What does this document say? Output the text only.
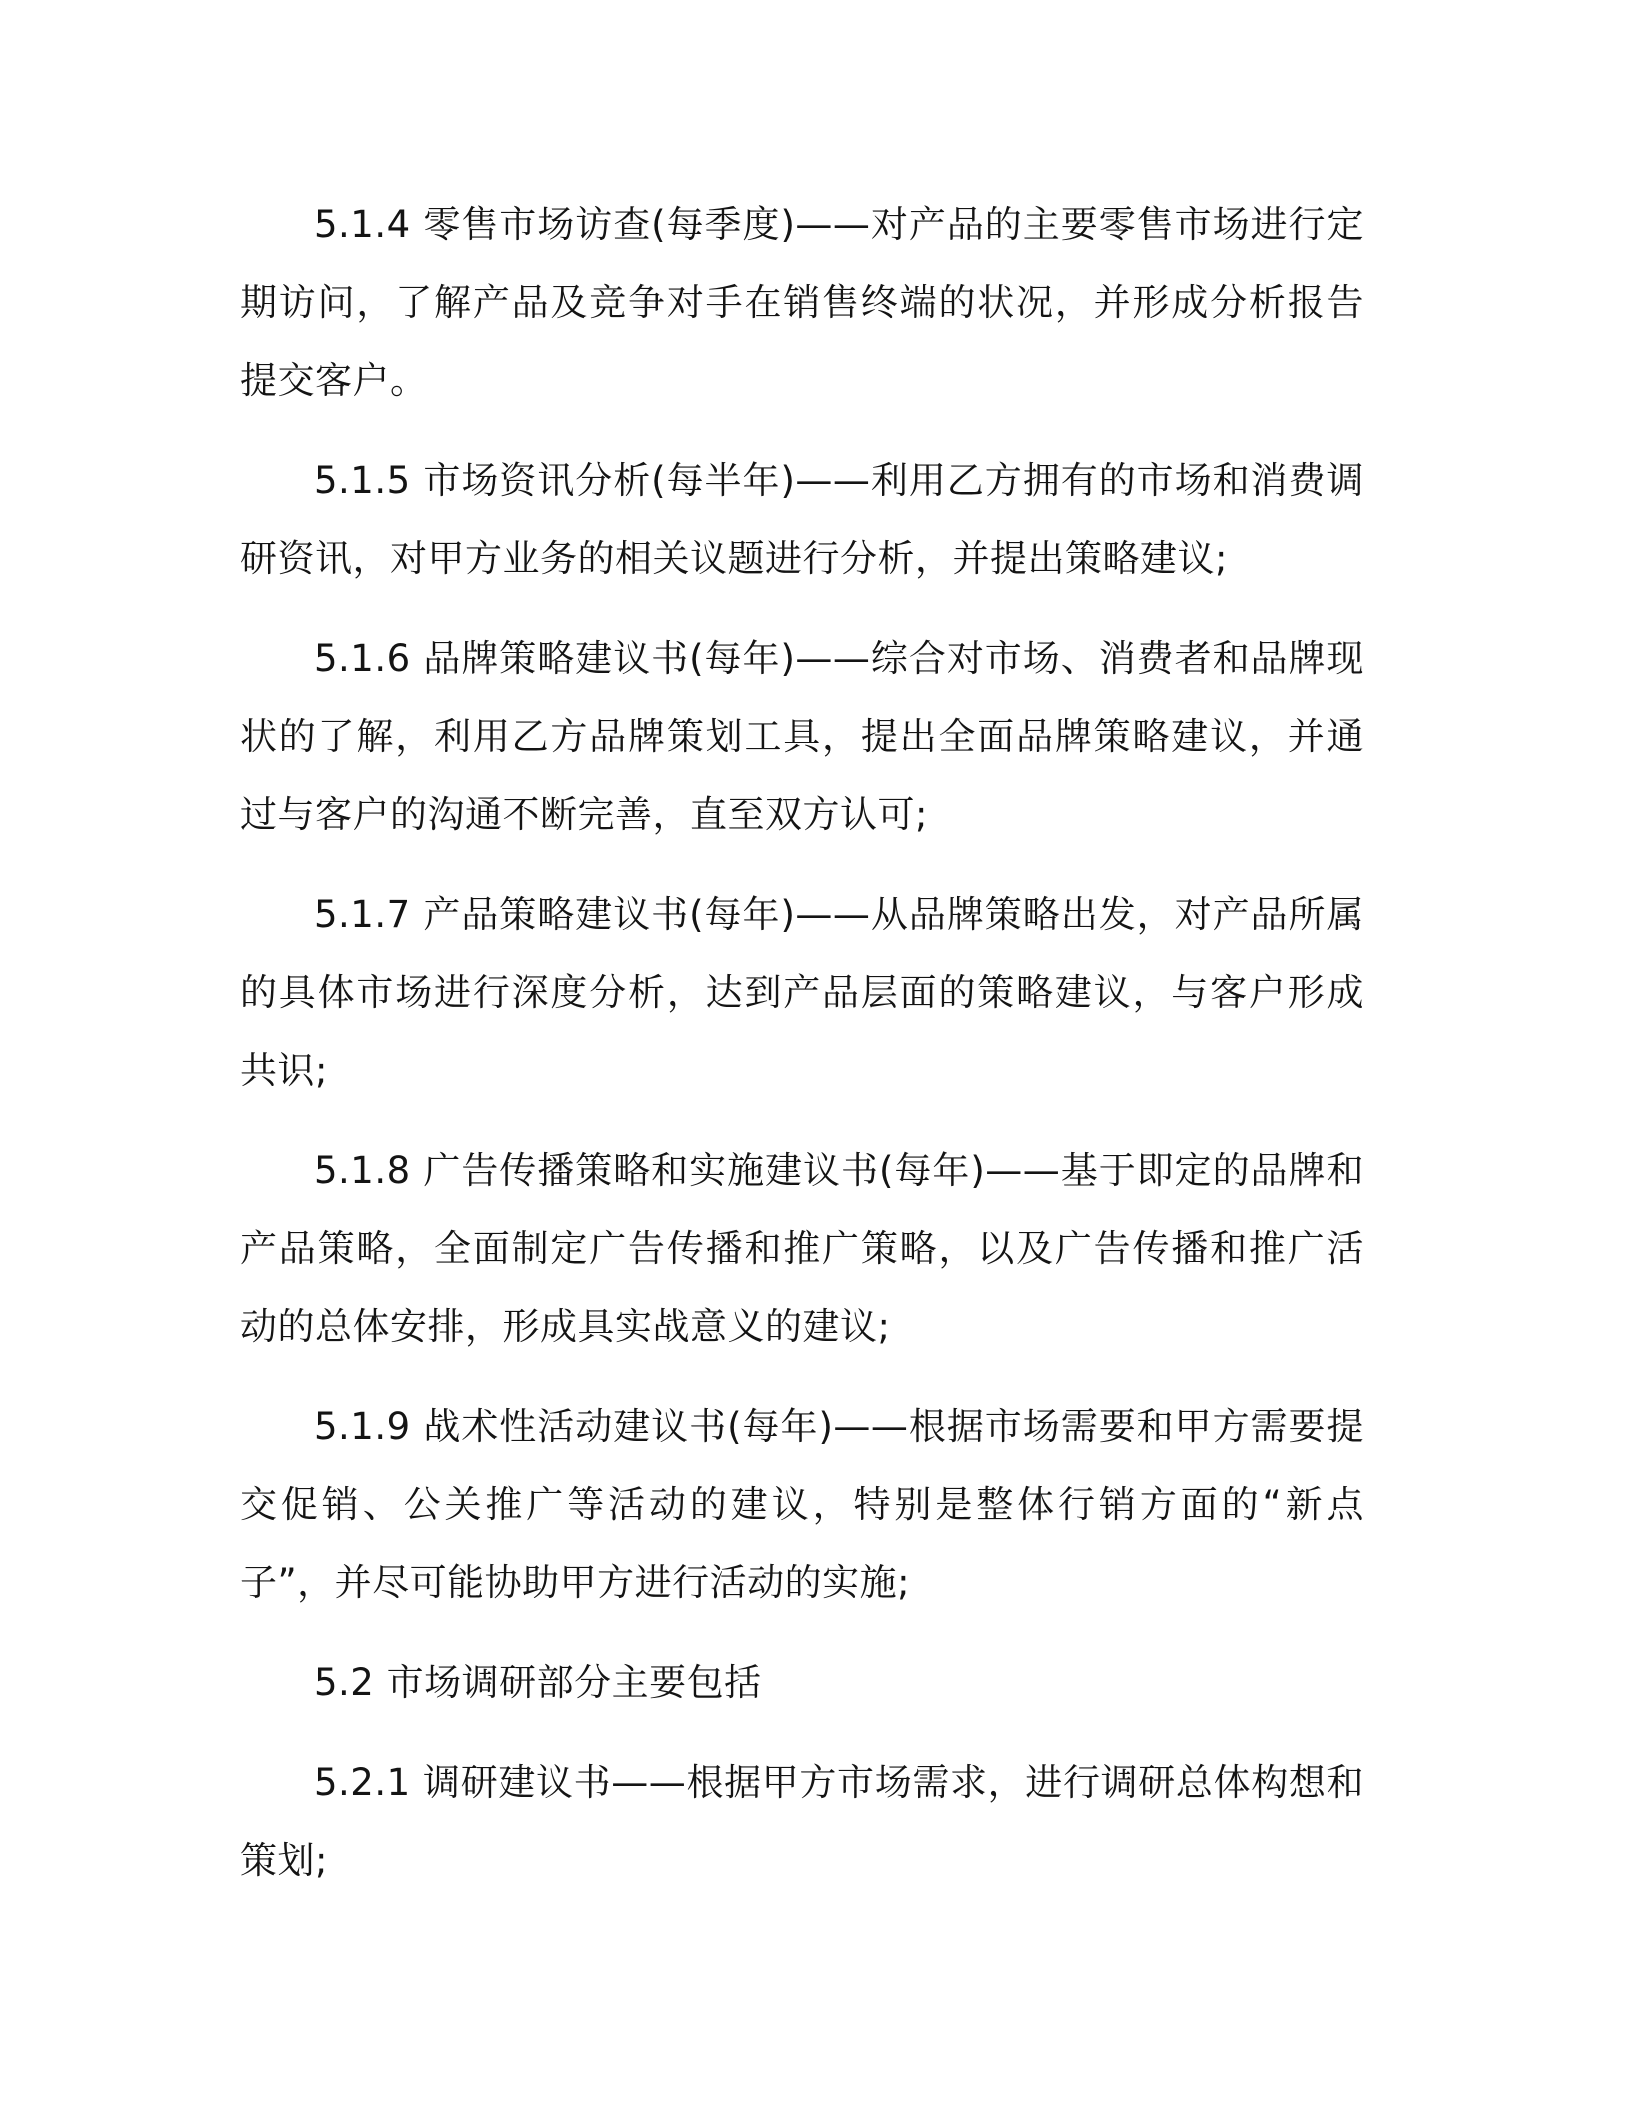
5.1.4 零售市场访查(每季度)——对产品的主要零售市场进行定期访问，了解产品及竞争对手在销售终端的状况，并形成分析报告提交客户。

5.1.5 市场资讯分析(每半年)——利用乙方拥有的市场和消费调研资讯，对甲方业务的相关议题进行分析，并提出策略建议;

5.1.6 品牌策略建议书(每年)——综合对市场、消费者和品牌现状的了解，利用乙方品牌策划工具，提出全面品牌策略建议，并通过与客户的沟通不断完善，直至双方认可;

5.1.7 产品策略建议书(每年)——从品牌策略出发，对产品所属的具体市场进行深度分析，达到产品层面的策略建议，与客户形成共识;

5.1.8 广告传播策略和实施建议书(每年)——基于即定的品牌和产品策略，全面制定广告传播和推广策略，以及广告传播和推广活动的总体安排，形成具实战意义的建议;

5.1.9 战术性活动建议书(每年)——根据市场需要和甲方需要提交促销、公关推广等活动的建议，特别是整体行销方面的“新点子”，并尽可能协助甲方进行活动的实施;

5.2 市场调研部分主要包括

5.2.1 调研建议书——根据甲方市场需求，进行调研总体构想和策划;
